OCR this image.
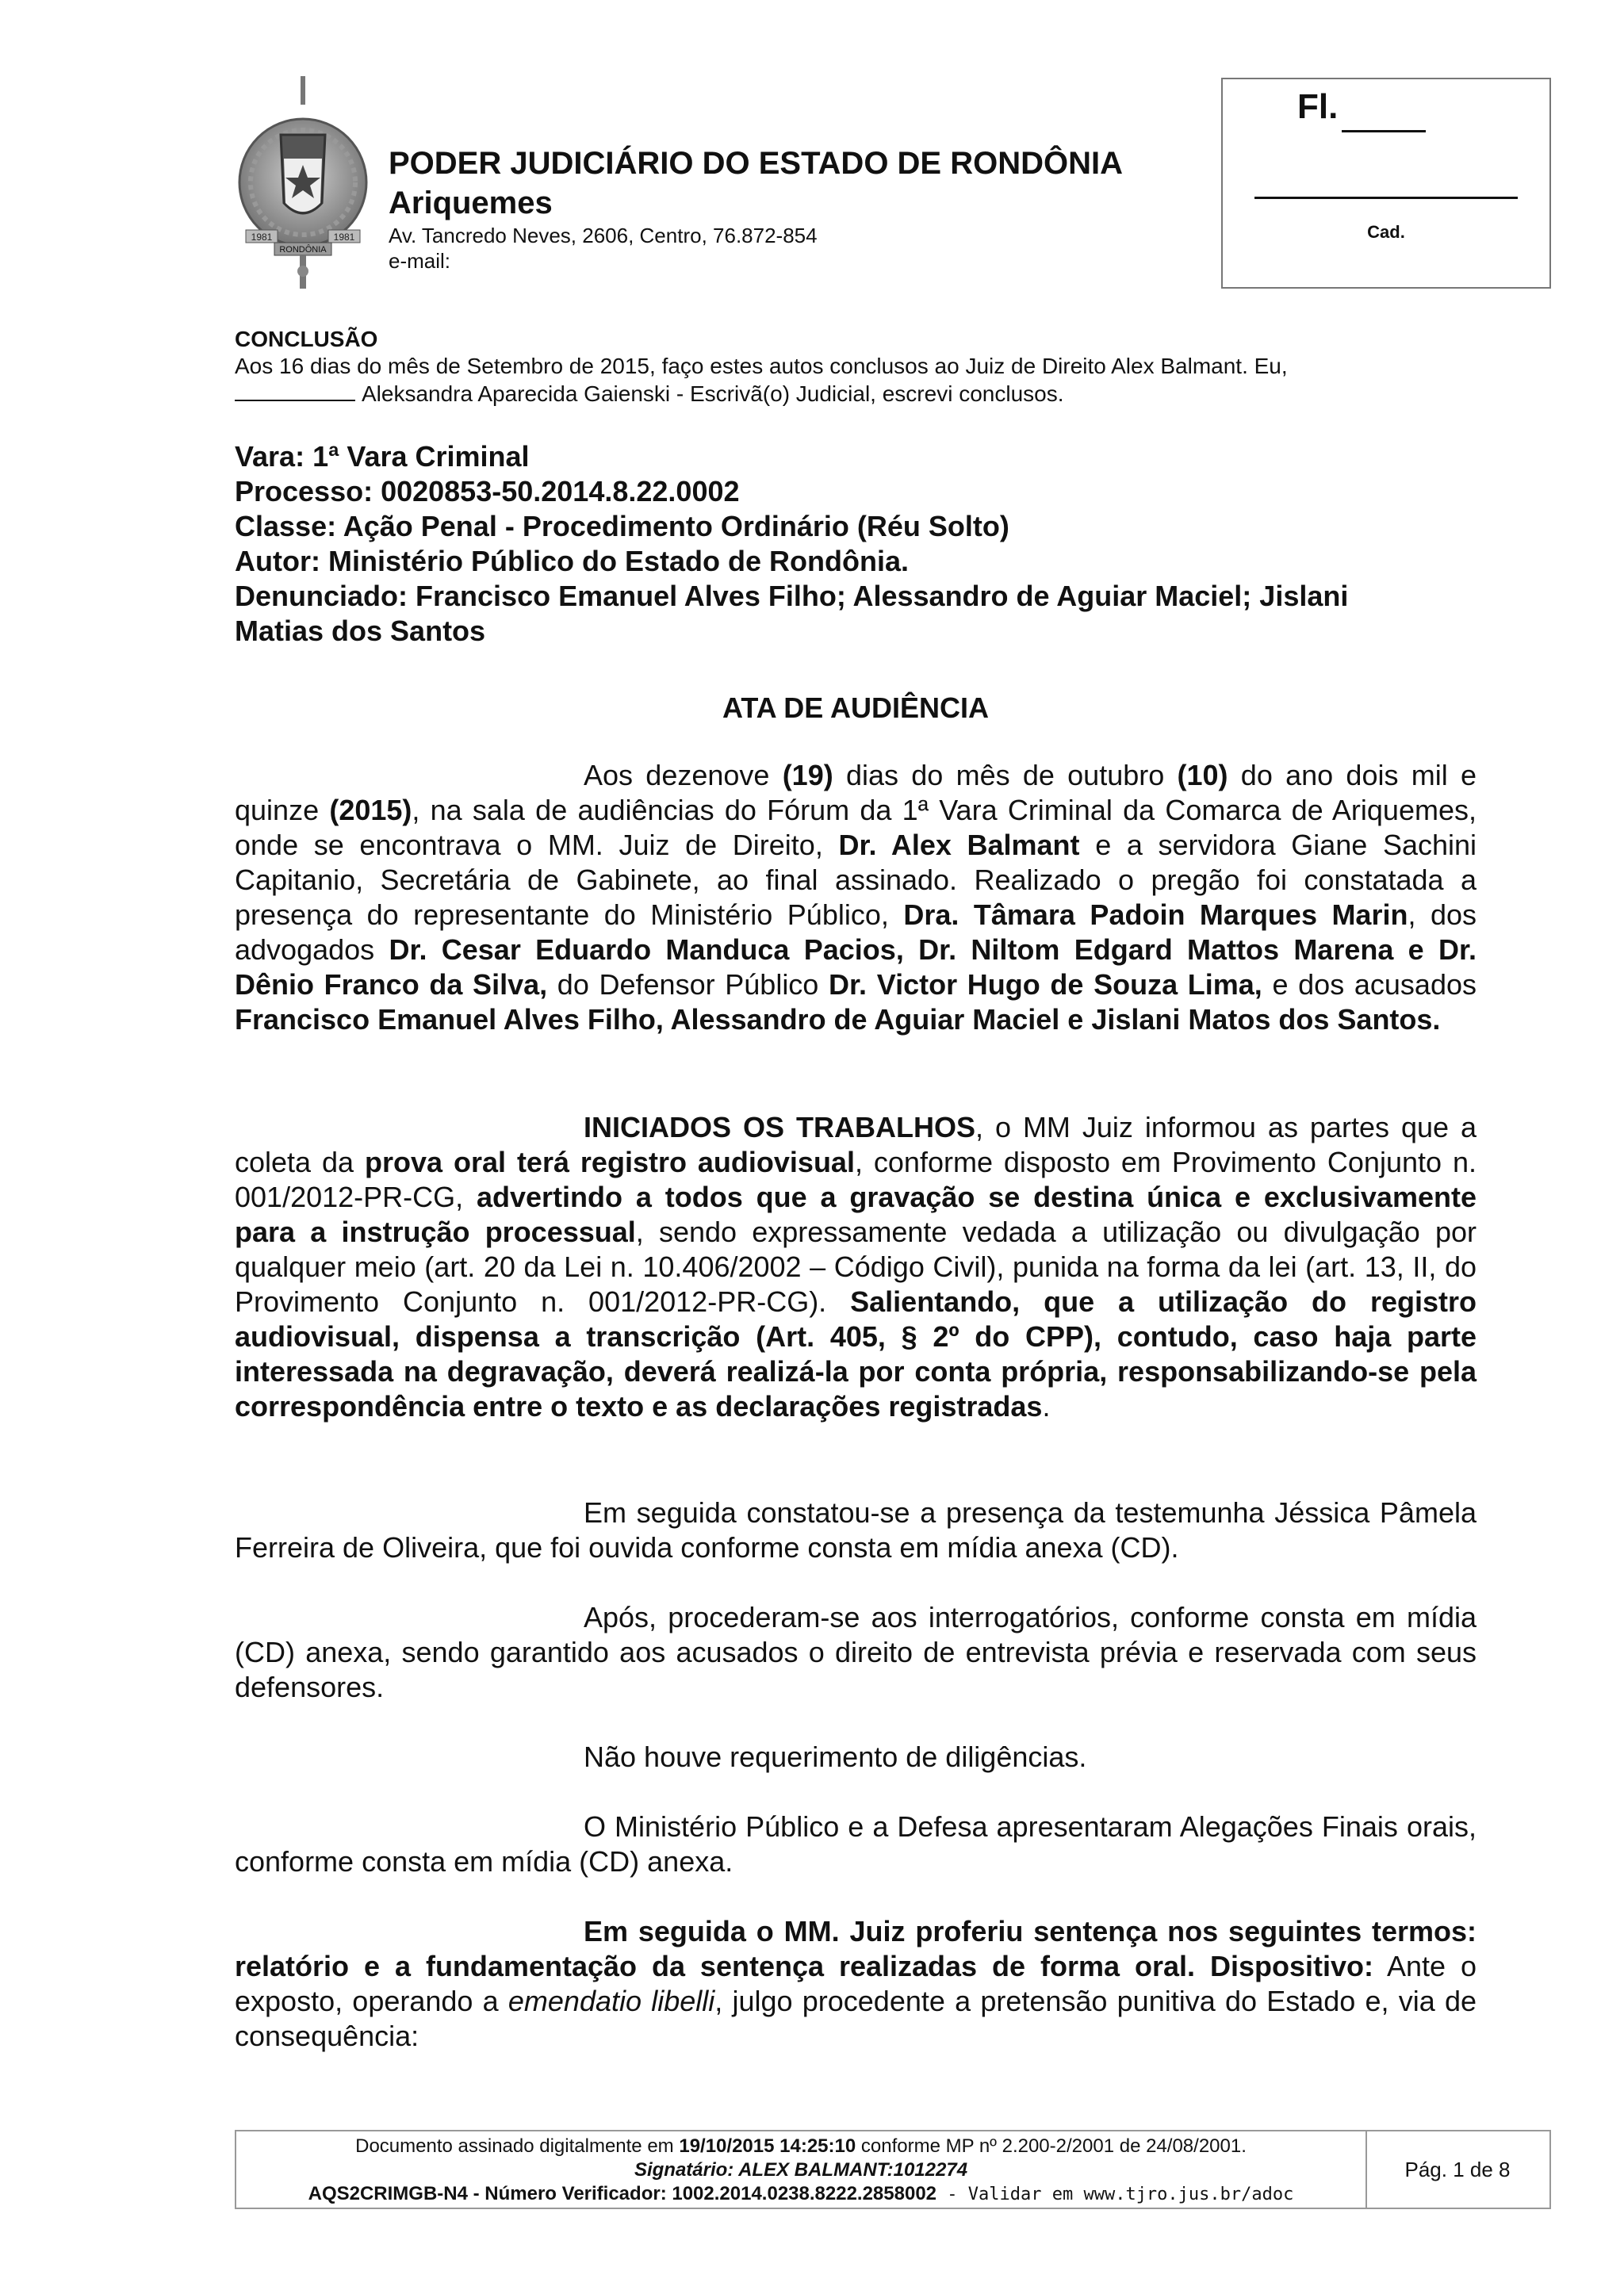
1981	1981
RONDÔNIA
PODER JUDICIÁRIO DO ESTADO DE RONDÔNIA
Ariquemes
Av. Tancredo Neves, 2606, Centro, 76.872-854
e-mail:
Fl.
Cad.
CONCLUSÃO
Aos 16 dias do mês de Setembro de 2015, faço estes autos conclusos ao Juiz de Direito Alex Balmant. Eu,
Aleksandra Aparecida Gaienski - Escrivã(o) Judicial, escrevi conclusos.
Vara: 1ª Vara Criminal
Processo: 0020853-50.2014.8.22.0002
Classe: Ação Penal - Procedimento Ordinário (Réu Solto)
Autor: Ministério Público do Estado de Rondônia.
Denunciado: Francisco Emanuel Alves Filho; Alessandro de Aguiar Maciel; Jislani
Matias dos Santos
ATA DE AUDIÊNCIA
Aos dezenove (19) dias do mês de outubro (10) do ano dois mil e quinze (2015), na sala de audiências do Fórum da 1ª Vara Criminal da Comarca de Ariquemes, onde se encontrava o MM. Juiz de Direito, Dr. Alex Balmant e a servidora Giane Sachini Capitanio, Secretária de Gabinete, ao final assinado. Realizado o pregão foi constatada a presença do representante do Ministério Público, Dra. Tâmara Padoin Marques Marin, dos advogados Dr. Cesar Eduardo Manduca Pacios, Dr. Niltom Edgard Mattos Marena e Dr. Dênio Franco da Silva, do Defensor Público Dr. Victor Hugo de Souza Lima, e dos acusados Francisco Emanuel Alves Filho, Alessandro de Aguiar Maciel e Jislani Matos dos Santos.
INICIADOS OS TRABALHOS, o MM Juiz informou as partes que a coleta da prova oral terá registro audiovisual, conforme disposto em Provimento Conjunto n. 001/2012-PR-CG, advertindo a todos que a gravação se destina única e exclusivamente para a instrução processual, sendo expressamente vedada a utilização ou divulgação por qualquer meio (art. 20 da Lei n. 10.406/2002 – Código Civil), punida na forma da lei (art. 13, II, do Provimento Conjunto n. 001/2012-PR-CG). Salientando, que a utilização do registro audiovisual, dispensa a transcrição (Art. 405, § 2º do CPP), contudo, caso haja parte interessada na degravação, deverá realizá-la por conta própria, responsabilizando-se pela correspondência entre o texto e as declarações registradas.
Em seguida constatou-se a presença da testemunha Jéssica Pâmela Ferreira de Oliveira, que foi ouvida conforme consta em mídia anexa (CD).
Após, procederam-se aos interrogatórios, conforme consta em mídia (CD) anexa, sendo garantido aos acusados o direito de entrevista prévia e reservada com seus defensores.
Não houve requerimento de diligências.
O Ministério Público e a Defesa apresentaram Alegações Finais orais, conforme consta em mídia (CD) anexa.
Em seguida o MM. Juiz proferiu sentença nos seguintes termos: relatório e a fundamentação da sentença realizadas de forma oral. Dispositivo: Ante o exposto, operando a emendatio libelli, julgo procedente a pretensão punitiva do Estado e, via de consequência:
Documento assinado digitalmente em 19/10/2015 14:25:10 conforme MP nº 2.200-2/2001 de 24/08/2001.
Signatário: ALEX BALMANT:1012274
AQS2CRIMGB-N4 - Número Verificador: 1002.2014.0238.8222.2858002 - Validar em www.tjro.jus.br/adoc
Pág. 1 de 8
